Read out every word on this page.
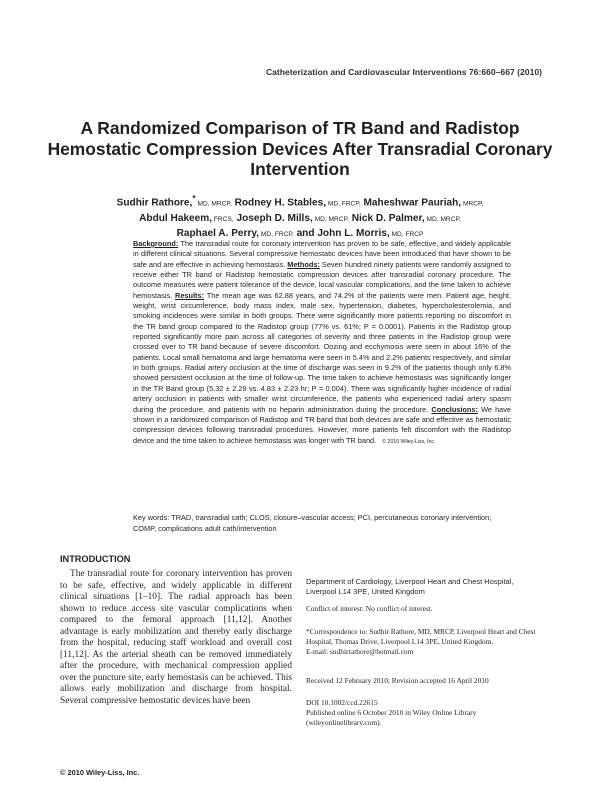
Catheterization and Cardiovascular Interventions 76:660–667 (2010)
A Randomized Comparison of TR Band and Radistop Hemostatic Compression Devices After Transradial Coronary Intervention

Sudhir Rathore,* MD, MRCP, Rodney H. Stables, MD, FRCP, Maheshwar Pauriah, MRCP,
Abdul Hakeem, FRCS, Joseph D. Mills, MD, MRCP, Nick D. Palmer, MD, MRCP,
Raphael A. Perry, MD, FRCP, and John L. Morris, MD, FRCP

Background: The transradial route for coronary intervention has proven to be safe, effective, and widely applicable in different clinical situations. Several compressive hemostatic devices have been introduced that have shown to be safe and are effective in achieving hemostasis. Methods: Seven hundred ninety patients were randomly assigned to receive either TR band or Radistop hemostatic compression devices after transradial coronary procedure. The outcome measures were patient tolerance of the device, local vascular complications, and the time taken to achieve hemostasis. Results: The mean age was 62.88 years, and 74.2% of the patients were men. Patient age, height, weight, wrist circumference, body mass index, male sex, hypertension, diabetes, hypercholesterolemia, and smoking incidences were similar in both groups. There were significantly more patients reporting no discomfort in the TR band group compared to the Radistop group (77% vs. 61%; P = 0.0001). Patients in the Radistop group reported significantly more pain across all categories of severity and three patients in the Radistop group were crossed over to TR band because of severe discomfort. Oozing and ecchymosis were seen in about 16% of the patients. Local small hematoma and large hematoma were seen in 5.4% and 2.2% patients respectively, and similar in both groups. Radial artery occlusion at the time of discharge was seen in 9.2% of the patients though only 6.8% showed persistent occlusion at the time of follow-up. The time taken to achieve hemostasis was significantly longer in the TR Band group (5.32 ± 2.29 vs. 4.83 ± 2.23 hr; P = 0.004). There was significantly higher incidence of radial artery occlusion in patients with smaller wrist circumference, the patients who experienced radial artery spasm during the procedure, and patients with no heparin administration during the procedure. Conclusions: We have shown in a randomized comparison of Radistop and TR band that both devices are safe and effective as hemostatic compression devices following transradial procedures. However, more patients felt discomfort with the Radistop device and the time taken to achieve hemostasis was longer with TR band. © 2010 Wiley-Liss, Inc.

Key words: TRAD, transradial cath; CLOS, closure–vascular access; PCI, percutaneous coronary intervention; COMP, complications adult cath/intervention

INTRODUCTION

The transradial route for coronary intervention has proven to be safe, effective, and widely applicable in different clinical situations [1–10]. The radial approach has been shown to reduce access site vascular complications when compared to the femoral approach [11,12]. Another advantage is early mobilization and thereby early discharge from the hospital, reducing staff workload and overall cost [11,12]. As the arterial sheath can be removed immediately after the procedure, with mechanical compression applied over the puncture site, early hemostasis can be achieved. This allows early mobilization and discharge from hospital. Several compressive hemostatic devices have been

Department of Cardiology, Liverpool Heart and Chest Hospital, Liverpool L14 3PE, United Kingdom

Conflict of interest: No conflict of interest.

*Correspondence to: Sudhir Rathore, MD, MRCP, Liverpool Heart and Chest Hospital, Thomas Drive, Liverpool L14 3PE, United Kingdom.
E-mail: sudhirrathore@hotmail.com

Received 12 February 2010; Revision accepted 16 April 2010

DOI 10.1002/ccd.22615

Published online 6 October 2010 in Wiley Online Library (wileyonlinelibrary.com).

© 2010 Wiley-Liss, Inc.
